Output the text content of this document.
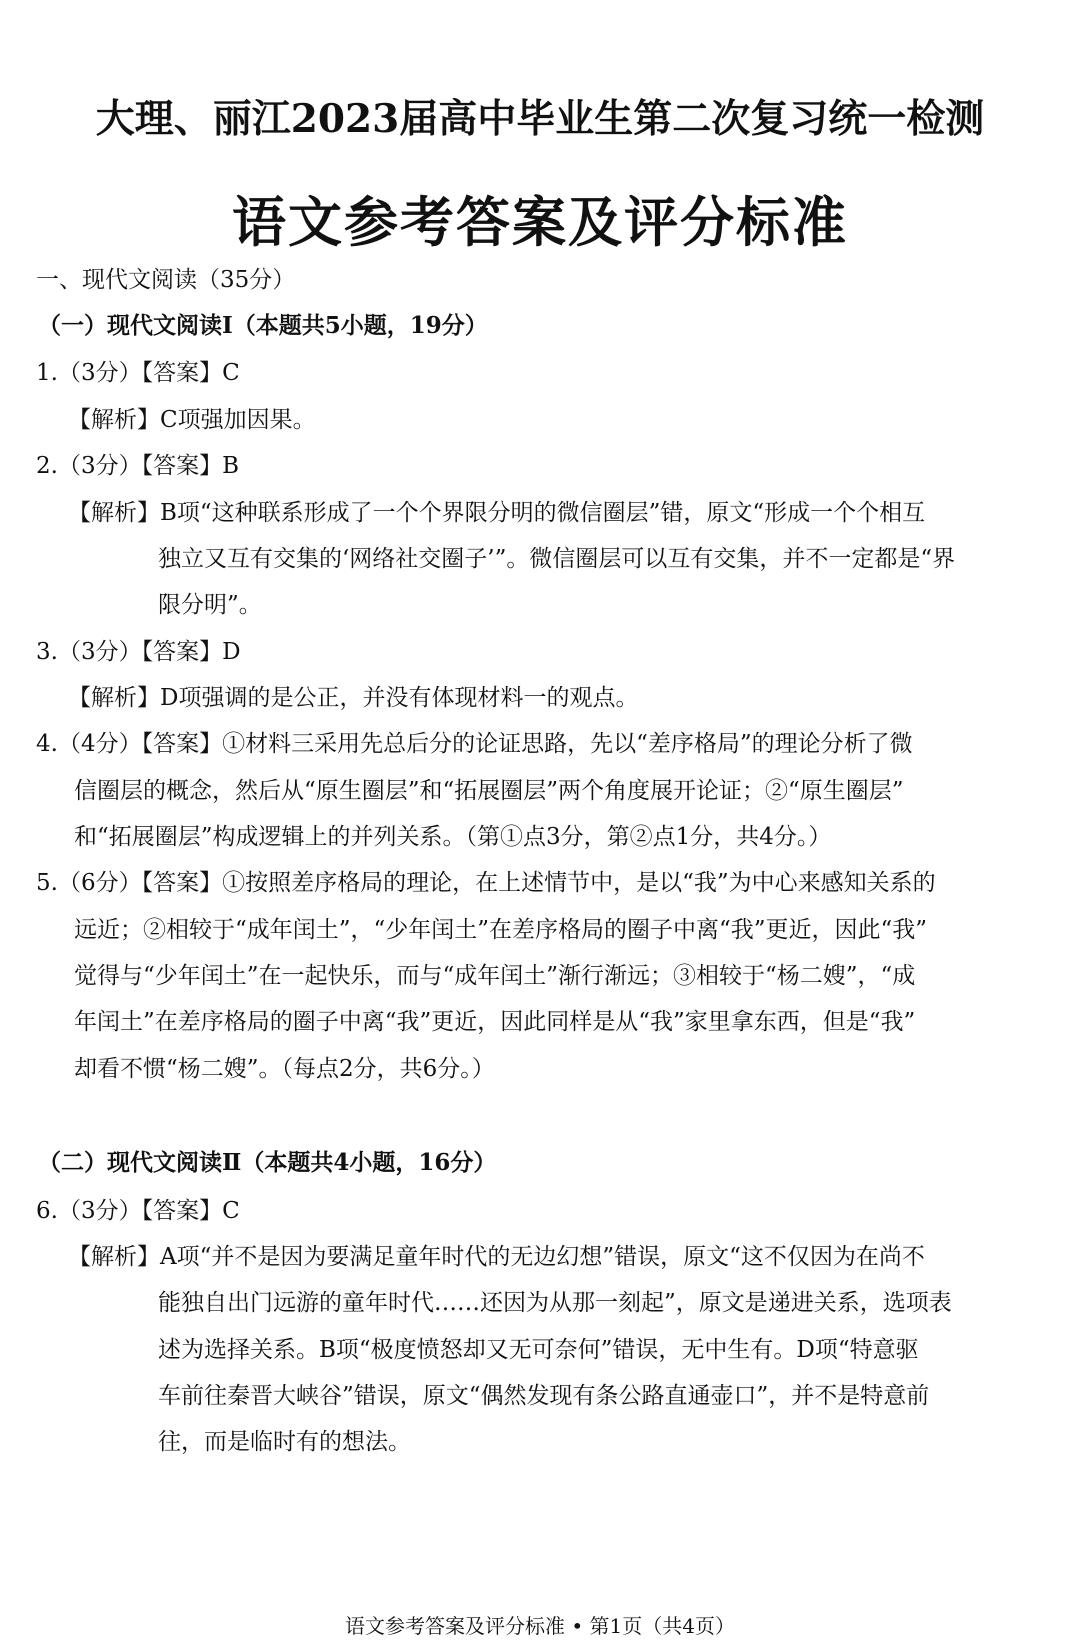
大理、丽江2023届高中毕业生第二次复习统一检测
语文参考答案及评分标准
一、现代文阅读（35分）
（一）现代文阅读Ⅰ（本题共5小题，19分）
1.（3分）【答案】C
【解析】C项强加因果。
2.（3分）【答案】B
【解析】B项“这种联系形成了一个个界限分明的微信圈层”错，原文“形成一个个相互
独立又互有交集的‘网络社交圈子’”。微信圈层可以互有交集，并不一定都是“界
限分明”。
3.（3分）【答案】D
【解析】D项强调的是公正，并没有体现材料一的观点。
4.（4分）【答案】①材料三采用先总后分的论证思路，先以“差序格局”的理论分析了微
信圈层的概念，然后从“原生圈层”和“拓展圈层”两个角度展开论证；②“原生圈层”
和“拓展圈层”构成逻辑上的并列关系。（第①点3分，第②点1分，共4分。）
5.（6分）【答案】①按照差序格局的理论，在上述情节中，是以“我”为中心来感知关系的
远近；②相较于“成年闰土”，“少年闰土”在差序格局的圈子中离“我”更近，因此“我”
觉得与“少年闰土”在一起快乐，而与“成年闰土”渐行渐远；③相较于“杨二嫂”，“成
年闰土”在差序格局的圈子中离“我”更近，因此同样是从“我”家里拿东西，但是“我”
却看不惯“杨二嫂”。（每点2分，共6分。）
（二）现代文阅读Ⅱ（本题共4小题，16分）
6.（3分）【答案】C
【解析】A项“并不是因为要满足童年时代的无边幻想”错误，原文“这不仅因为在尚不
能独自出门远游的童年时代……还因为从那一刻起”，原文是递进关系，选项表
述为选择关系。B项“极度愤怒却又无可奈何”错误，无中生有。D项“特意驱
车前往秦晋大峡谷”错误，原文“偶然发现有条公路直通壶口”，并不是特意前
往，而是临时有的想法。
语文参考答案及评分标准 • 第1页（共4页）
